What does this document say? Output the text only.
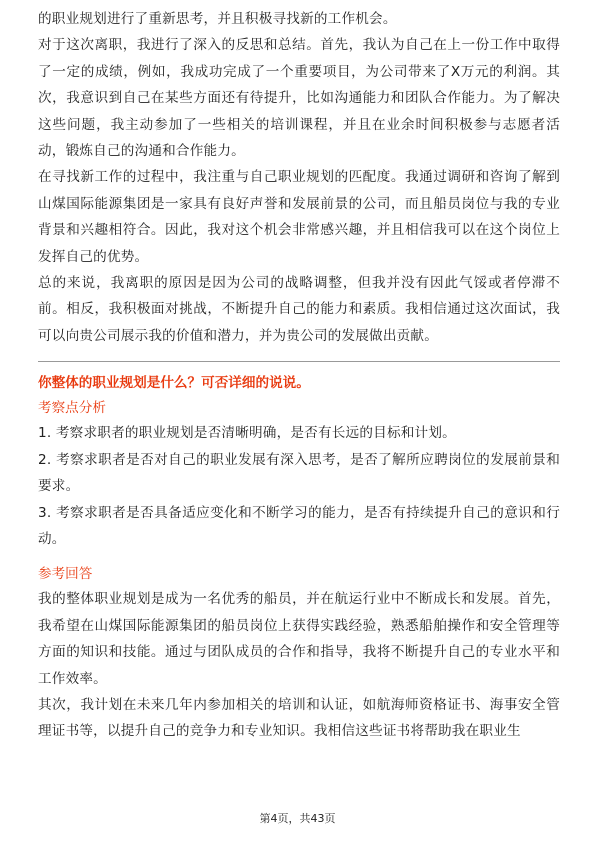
的职业规划进行了重新思考，并且积极寻找新的工作机会。

对于这次离职，我进行了深入的反思和总结。首先，我认为自己在上一份工作中取得了一定的成绩，例如，我成功完成了一个重要项目，为公司带来了X万元的利润。其次，我意识到自己在某些方面还有待提升，比如沟通能力和团队合作能力。为了解决这些问题，我主动参加了一些相关的培训课程，并且在业余时间积极参与志愿者活动，锻炼自己的沟通和合作能力。

在寻找新工作的过程中，我注重与自己职业规划的匹配度。我通过调研和咨询了解到山煤国际能源集团是一家具有良好声誉和发展前景的公司，而且船员岗位与我的专业背景和兴趣相符合。因此，我对这个机会非常感兴趣，并且相信我可以在这个岗位上发挥自己的优势。

总的来说，我离职的原因是因为公司的战略调整，但我并没有因此气馁或者停滞不前。相反，我积极面对挑战，不断提升自己的能力和素质。我相信通过这次面试，我可以向贵公司展示我的价值和潜力，并为贵公司的发展做出贡献。

你整体的职业规划是什么？可否详细的说说。
考察点分析

1. 考察求职者的职业规划是否清晰明确，是否有长远的目标和计划。

2. 考察求职者是否对自己的职业发展有深入思考，是否了解所应聘岗位的发展前景和要求。

3. 考察求职者是否具备适应变化和不断学习的能力，是否有持续提升自己的意识和行动。

参考回答

我的整体职业规划是成为一名优秀的船员，并在航运行业中不断成长和发展。首先，我希望在山煤国际能源集团的船员岗位上获得实践经验，熟悉船舶操作和安全管理等方面的知识和技能。通过与团队成员的合作和指导，我将不断提升自己的专业水平和工作效率。

其次，我计划在未来几年内参加相关的培训和认证，如航海师资格证书、海事安全管理证书等，以提升自己的竞争力和专业知识。我相信这些证书将帮助我在职业生

第4页，共43页
